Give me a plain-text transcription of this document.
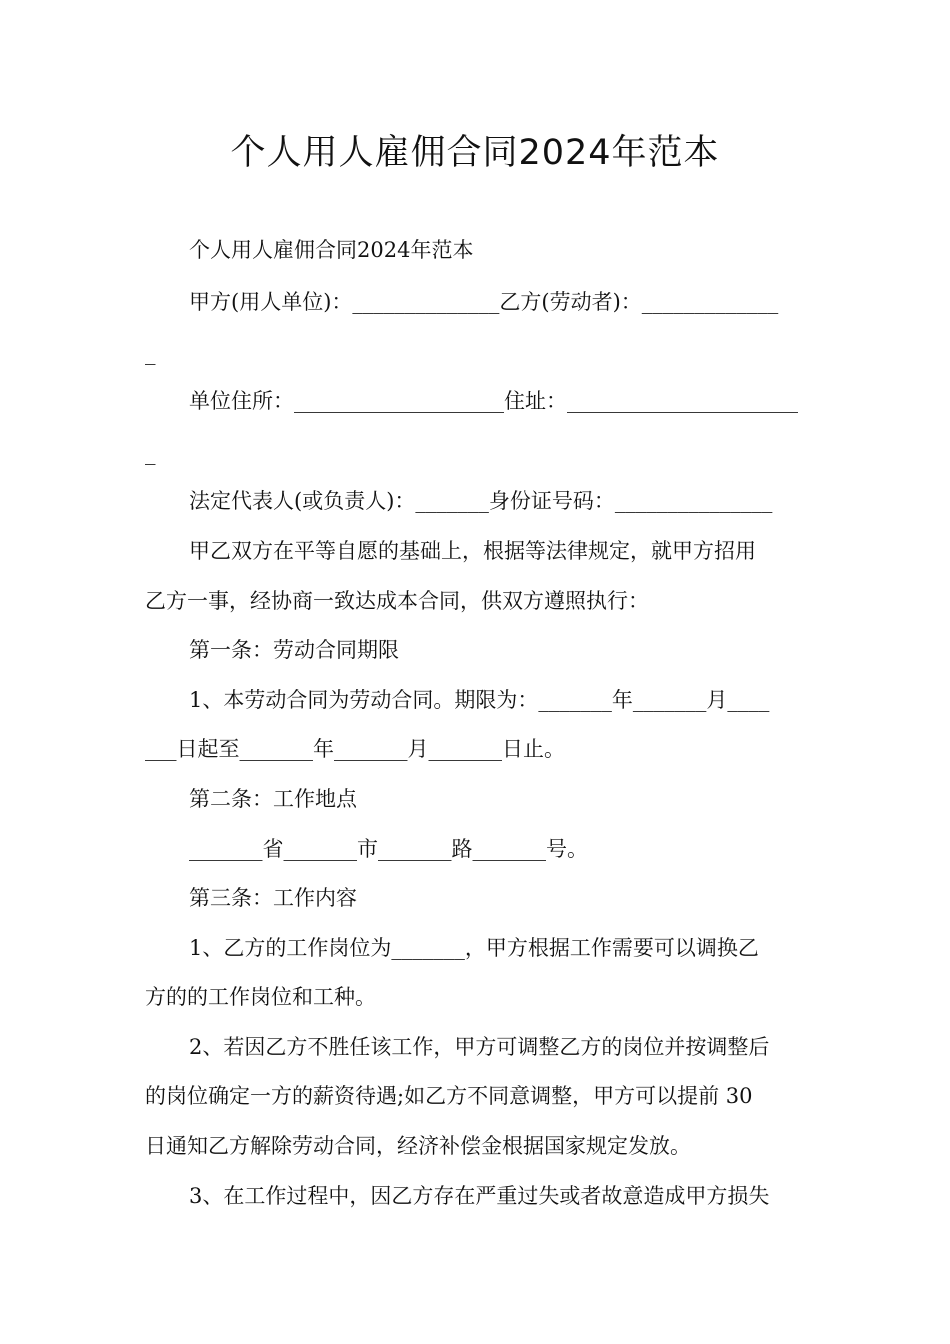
个人用人雇佣合同2024年范本

个人用人雇佣合同2024年范本

甲方(用人单位)：______________乙方(劳动者)：_____________

_

单位住所：____________________住址：______________________

_

法定代表人(或负责人)：_______身份证号码：_______________

甲乙双方在平等自愿的基础上，根据等法律规定，就甲方招用

乙方一事，经协商一致达成本合同，供双方遵照执行：

第一条：劳动合同期限

1、本劳动合同为劳动合同。期限为：_______年_______月____

___日起至_______年_______月_______日止。

第二条：工作地点

_______省_______市_______路_______号。

第三条：工作内容

1、乙方的工作岗位为_______，甲方根据工作需要可以调换乙

方的的工作岗位和工种。

2、若因乙方不胜任该工作，甲方可调整乙方的岗位并按调整后

的岗位确定一方的薪资待遇;如乙方不同意调整，甲方可以提前 30

日通知乙方解除劳动合同，经济补偿金根据国家规定发放。

3、在工作过程中，因乙方存在严重过失或者故意造成甲方损失
